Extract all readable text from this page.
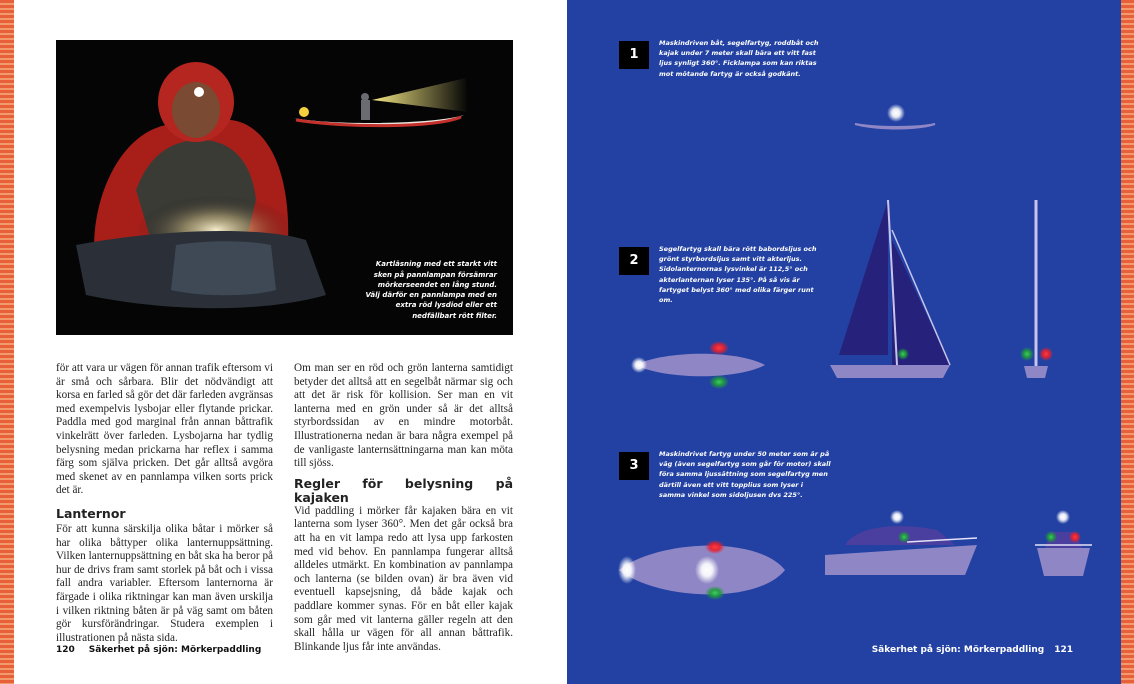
Kartläsning med ett starkt vitt sken på pannlampan försämrar mörkerseendet en lång stund. Välj därför en pannlampa med en extra röd lysdiod eller ett nedfällbart rött filter.

för att vara ur vägen för annan trafik eftersom vi är små och sårbara. Blir det nödvändigt att korsa en farled så gör det där farleden avgränsas med exempelvis lysbojar eller flytande prickar. Paddla med god marginal från annan båttrafik vinkelrätt över farleden. Lysbojarna har tydlig belysning medan prickarna har reflex i samma färg som själva pricken. Det går alltså avgöra med skenet av en pannlampa vilken sorts prick det är.

Lanternor

För att kunna särskilja olika båtar i mörker så har olika båttyper olika lanternuppsättning. Vilken lanternuppsättning en båt ska ha beror på hur de drivs fram samt storlek på båt och i vissa fall andra variabler. Eftersom lanternorna är färgade i olika riktningar kan man även urskilja i vilken riktning båten är på väg samt om båten gör kursförändringar. Studera exemplen i illustrationen på nästa sida.

Om man ser en röd och grön lanterna samtidigt betyder det alltså att en segelbåt närmar sig och att det är risk för kollision. Ser man en vit lanterna med en grön under så är det alltså styrbordssidan av en mindre motorbåt. Illustrationerna nedan är bara några exempel på de vanligaste lanternsättningarna man kan möta till sjöss.

Regler för belysning på kajaken

Vid paddling i mörker får kajaken bära en vit lanterna som lyser 360°. Men det går också bra att ha en vit lampa redo att lysa upp farkosten med vid behov. En pannlampa fungerar alltså alldeles utmärkt. En kombination av pannlampa och lanterna (se bilden ovan) är bra även vid eventuell kapsejsning, då både kajak och paddlare kommer synas. För en båt eller kajak som går med vit lanterna gäller regeln att den skall hålla ur vägen för all annan båttrafik. Blinkande ljus får inte användas.

120 Säkerhet på sjön: Mörkerpaddling
1
Maskindriven båt, segelfartyg, roddbåt och kajak under 7 meter skall bära ett vitt fast ljus synligt 360°. Ficklampa som kan riktas mot mötande fartyg är också godkänt.
2
Segelfartyg skall bära rött babordsljus och grönt styrbordsljus samt vitt akterljus. Sidolanternornas lysvinkel är 112,5° och akterlanternan lyser 135°. På så vis är fartyget belyst 360° med olika färger runt om.
3
Maskindrivet fartyg under 50 meter som är på väg (även segelfartyg som går för motor) skall föra samma ljussättning som segelfartyg men därtill även ett vitt topplius som lyser i samma vinkel som sidoljusen dvs 225°.
Säkerhet på sjön: Mörkerpaddling 121
